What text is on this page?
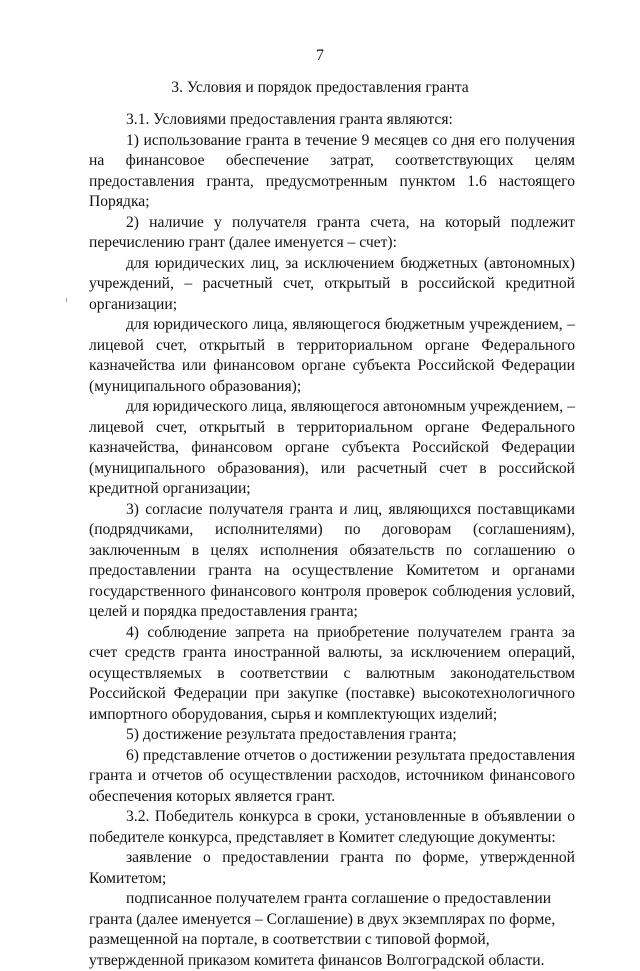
7
3. Условия и порядок предоставления гранта

3.1. Условиями предоставления гранта являются:

1) использование гранта в течение 9 месяцев со дня его получения на финансовое обеспечение затрат, соответствующих целям предоставления гранта, предусмотренным пунктом 1.6 настоящего Порядка;

2) наличие у получателя гранта счета, на который подлежит перечислению грант (далее именуется – счет):

для юридических лиц, за исключением бюджетных (автономных) учреждений, – расчетный счет, открытый в российской кредитной организации;

для юридического лица, являющегося бюджетным учреждением, – лицевой счет, открытый в территориальном органе Федерального казначейства или финансовом органе субъекта Российской Федерации (муниципального образования);

для юридического лица, являющегося автономным учреждением, – лицевой счет, открытый в территориальном органе Федерального казначейства, финансовом органе субъекта Российской Федерации (муниципального образования), или расчетный счет в российской кредитной организации;

3) согласие получателя гранта и лиц, являющихся поставщиками (подрядчиками, исполнителями) по договорам (соглашениям), заключенным в целях исполнения обязательств по соглашению о предоставлении гранта на осуществление Комитетом и органами государственного финансового контроля проверок соблюдения условий, целей и порядка предоставления гранта;

4) соблюдение запрета на приобретение получателем гранта за счет средств гранта иностранной валюты, за исключением операций, осуществляемых в соответствии с валютным законодательством Российской Федерации при закупке (поставке) высокотехнологичного импортного оборудования, сырья и комплектующих изделий;

5) достижение результата предоставления гранта;

6) представление отчетов о достижении результата предоставления гранта и отчетов об осуществлении расходов, источником финансового обеспечения которых является грант.

3.2. Победитель конкурса в сроки, установленные в объявлении о победителе конкурса, представляет в Комитет следующие документы:

заявление о предоставлении гранта по форме, утвержденной Комитетом;

подписанное получателем гранта соглашение о предоставлении гранта (далее именуется – Соглашение) в двух экземплярах по форме, размещенной на портале, в соответствии с типовой формой, утвержденной приказом комитета финансов Волгоградской области.
